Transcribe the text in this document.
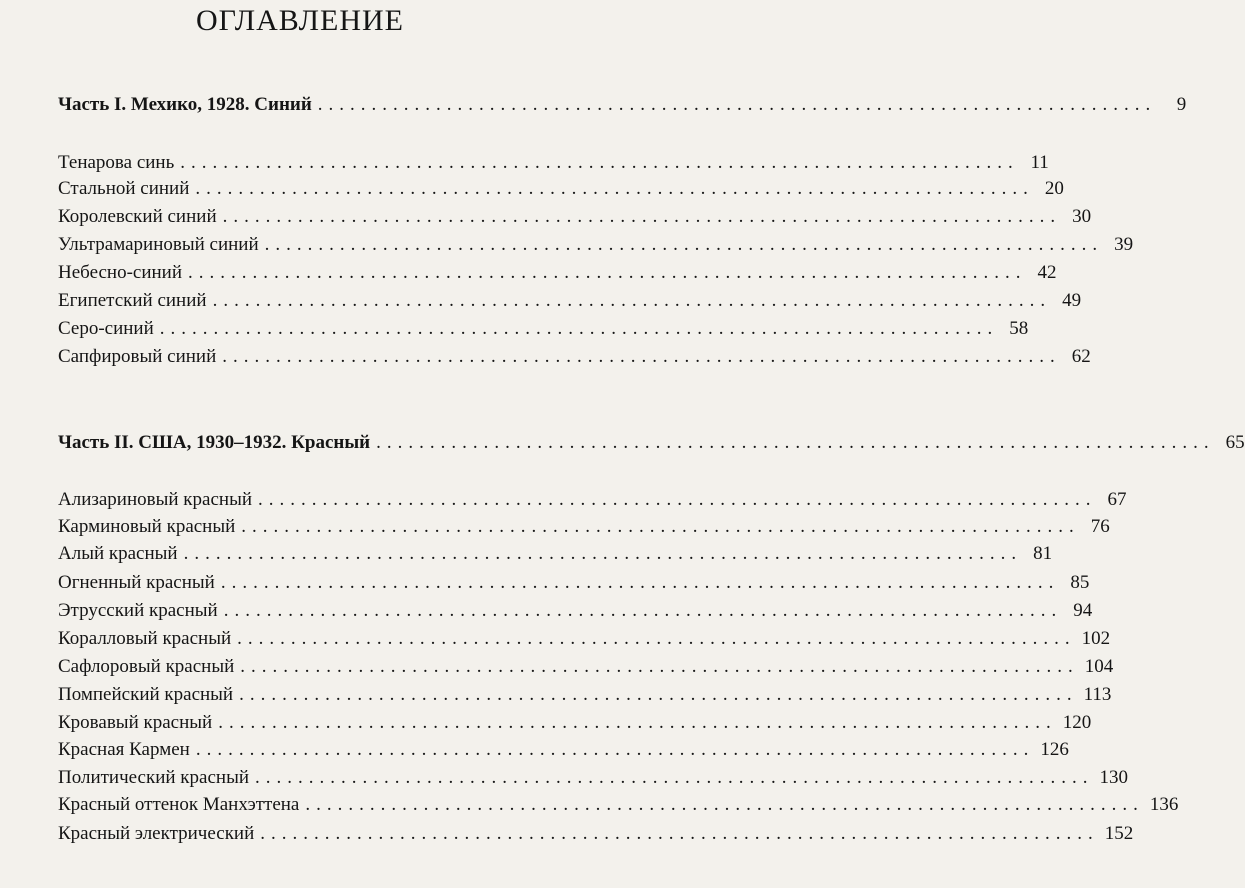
ОГЛАВЛЕНИЕ
Часть I. Мехико, 1928. Синий ..............................................................................	9
Тенарова синь .............................................................................. 11
Стальной синий .............................................................................. 20
Королевский синий .............................................................................. 30
Ультрамариновый синий .............................................................................. 39
Небесно-синий .............................................................................. 42
Египетский синий .............................................................................. 49
Серо-синий .............................................................................. 58
Сапфировый синий .............................................................................. 62
Часть II. США, 1930–1932. Красный .............................................................................. 65
Ализариновый красный .............................................................................. 67
Карминовый красный .............................................................................. 76
Алый красный .............................................................................. 81
Огненный красный .............................................................................. 85
Этрусский красный .............................................................................. 94
Коралловый красный .............................................................................. 102
Сафлоровый красный .............................................................................. 104
Помпейский красный .............................................................................. 113
Кровавый красный .............................................................................. 120
Красная Кармен .............................................................................. 126
Политический красный .............................................................................. 130
Красный оттенок Манхэттена .............................................................................. 136
Красный электрический .............................................................................. 152
